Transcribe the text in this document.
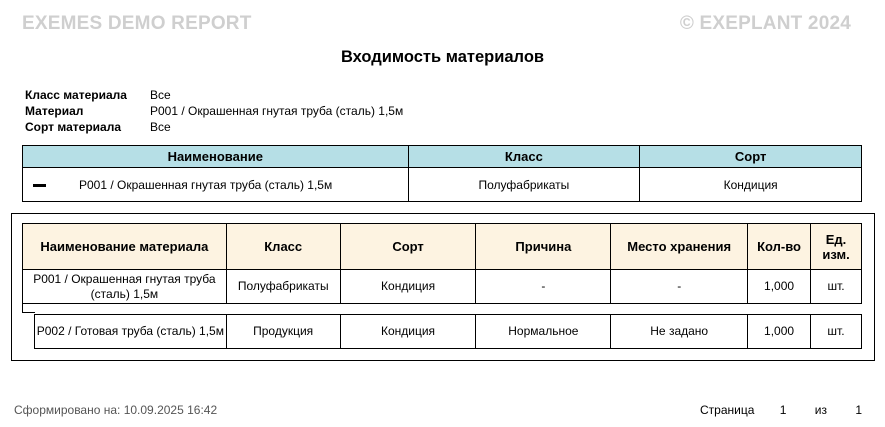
EXEMES DEMO REPORT	© EXEPLANT 2024
Входимость материалов
Класс материала	Все
Материал	P001 / Окрашенная гнутая труба (сталь) 1,5м
Сорт материала	Все
Наименование	Класс	Сорт
P001 / Окрашенная гнутая труба (сталь) 1,5м	Полуфабрикаты	Кондиция
Наименование материала	Класс	Сорт	Причина	Место хранения	Кол-во	Ед. изм.
P001 / Окрашенная гнутая труба (сталь) 1,5м	Полуфабрикаты	Кондиция	-	-	1,000	шт.
P002 / Готовая труба (сталь) 1,5м	Продукция	Кондиция	Нормальное	Не задано	1,000	шт.
Сформировано на: 10.09.2025 16:42	Страница 1 из 1
